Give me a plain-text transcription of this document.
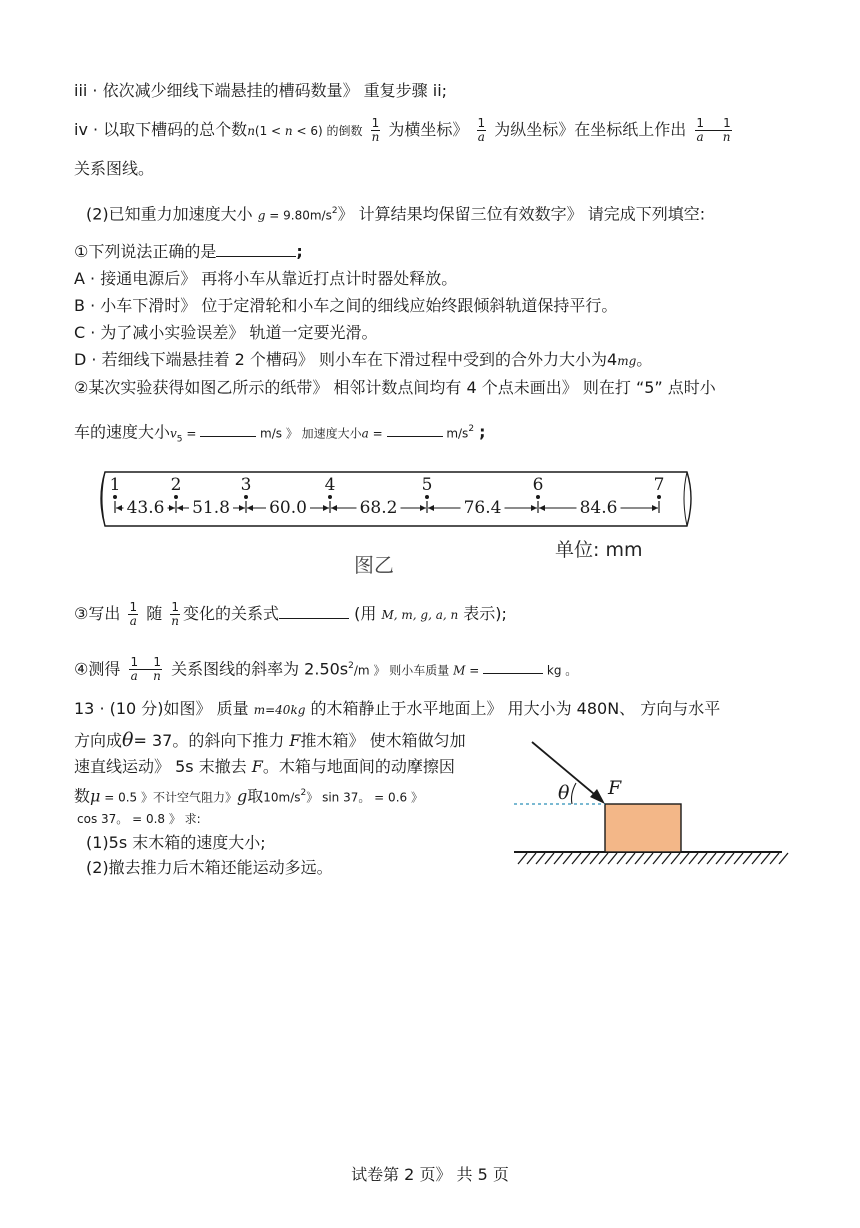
iii · 依次减少细线下端悬挂的槽码数量》 重复步骤 ii;
iv · 以取下槽码的总个数n(1 < n < 6) 的倒数 $\frac{1}{n}$ 为横坐标》 $\frac{1}{a}$ 为纵坐标》在坐标纸上作出 $\frac{1 1}{\text{a n}}$
关系图线。
(2)已知重力加速度大小 $g = 9.80m/s^2$》 计算结果均保留三位有效数字》 请完成下列填空:
①下列说法正确的是	;
A · 接通电源后》 再将小车从靠近打点计时器处释放。
B · 小车下滑时》 位于定滑轮和小车之间的细线应始终跟倾斜轨道保持平行。
C · 为了减小实验误差》 轨道一定要光滑。
D · 若细线下端悬挂着 2 个槽码》 则小车在下滑过程中受到的合外力大小为4mg。
②某次实验获得如图乙所示的纸带》 相邻计数点间均有 4 个点未画出》 则在打 “5” 点时小
车的速度大小$v_5$ =	m/s 》 加速度大小a =	$m/s^2$ ;
1	2	3	4	5	6	7
43.6 51.8 60.0	68.2	76.4	84.6
图乙
单位: mm
③写出 $\frac{1}{a}$ 随 $\frac{1}{n}$ 变化的关系式	(用 M, m, g, a, n 表示);
④测得 $\frac{1 1}{\text{a n}}$ 关系图线的斜率为 $2.50s^2/m$ 》 则小车质量 M =	kg 。
13 · (10 分)如图》 质量 m=40kg 的木箱静止于水平地面上》 用大小为 480N、 方向与水平
方向成θ= 37。的斜向下推力 F推木箱》 使木箱做匀加
速直线运动》 5s 末撤去 F。木箱与地面间的动摩擦因
数μ = 0.5 》不计空气阻力》g取$10m/s^2$》 sin 37。 = 0.6 》
cos 37。 = 0.8 》 求:
(1)5s 末木箱的速度大小;
(2)撤去推力后木箱还能运动多远。
θ F
试卷第 2 页》 共 5 页
